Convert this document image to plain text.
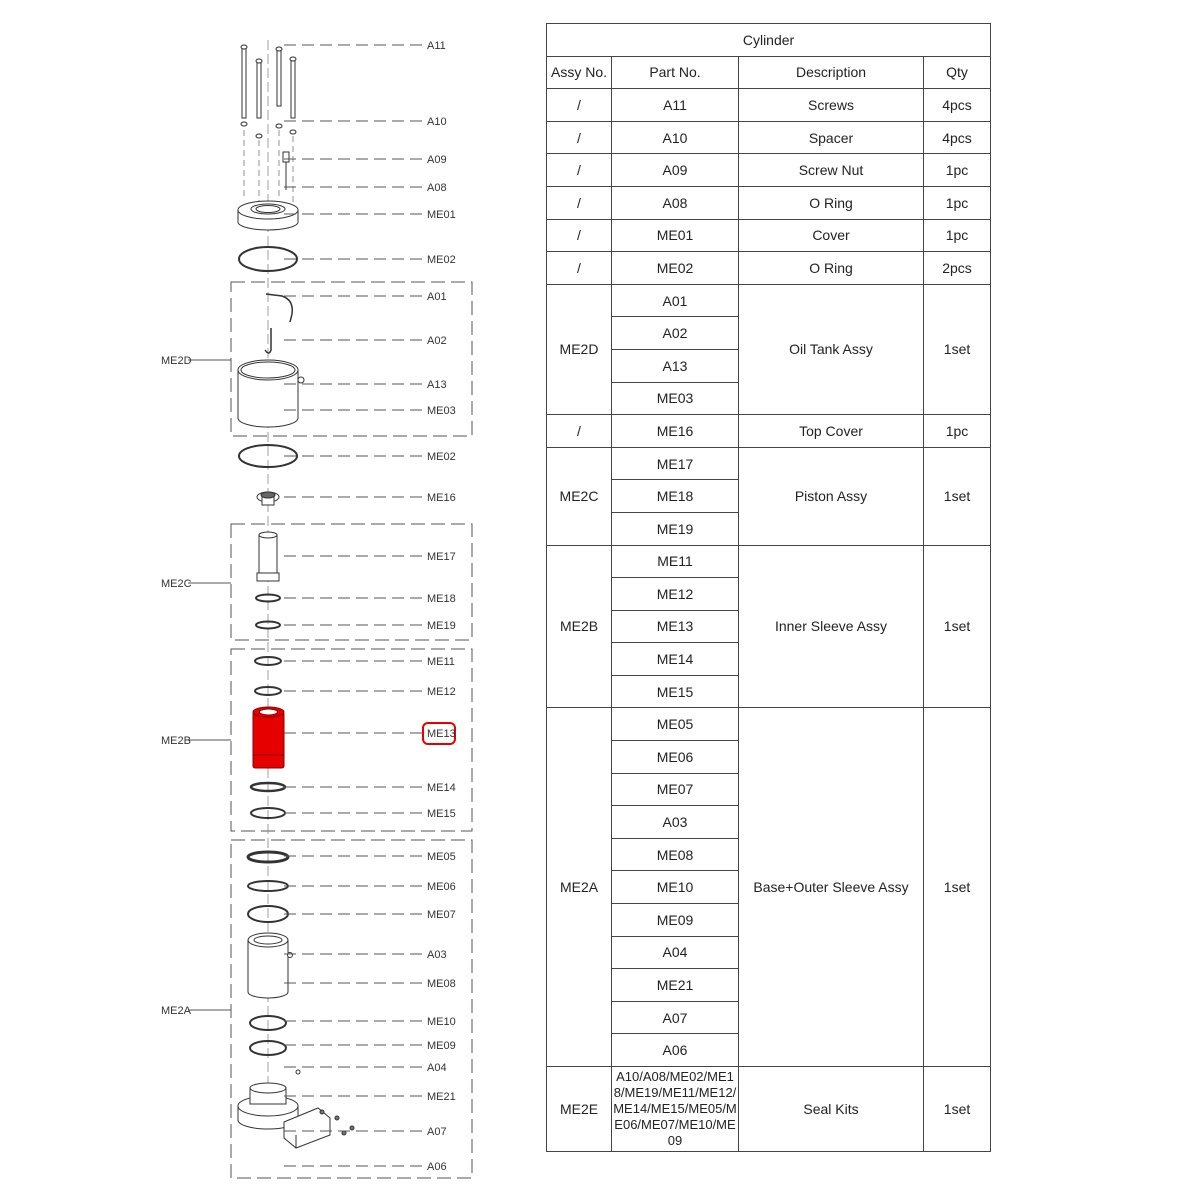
A11
A10
A09
A08
ME01
ME02
A01
A02
A13
ME03
ME02
ME16
ME17
ME18
ME19
ME11
ME12
ME13
ME14
ME15
ME05
ME06
ME07
A03
ME08
ME10
ME09
A04
ME21
A07
A06
ME2D
ME2C
ME2B
ME2A
Cylinder			
Assy No.	Part No.	Description	Qty
/	A11	Screws	4pcs
/	A10	Spacer	4pcs
/	A09	Screw Nut	1pc
/	A08	O Ring	1pc
/	ME01	Cover	1pc
/	ME02	O Ring	2pcs
ME2D	A01	Oil Tank Assy	1set
	A02		
	A13		
	ME03		
/	ME16	Top Cover	1pc
ME2C	ME17	Piston Assy	1set
	ME18		
	ME19		
ME2B	ME11	Inner Sleeve Assy	1set
	ME12		
	ME13		
	ME14		
	ME15		
ME2A	ME05	Base+Outer Sleeve Assy	1set
	ME06		
	ME07		
	A03		
	ME08		
	ME10		
	ME09		
	A04		
	ME21		
	A07		
	A06		
ME2E	A10/A08/ME02/ME18/ME19/ME11/ME12/ME14/ME15/ME05/ME06/ME07/ME10/ME09	Seal Kits	1set
